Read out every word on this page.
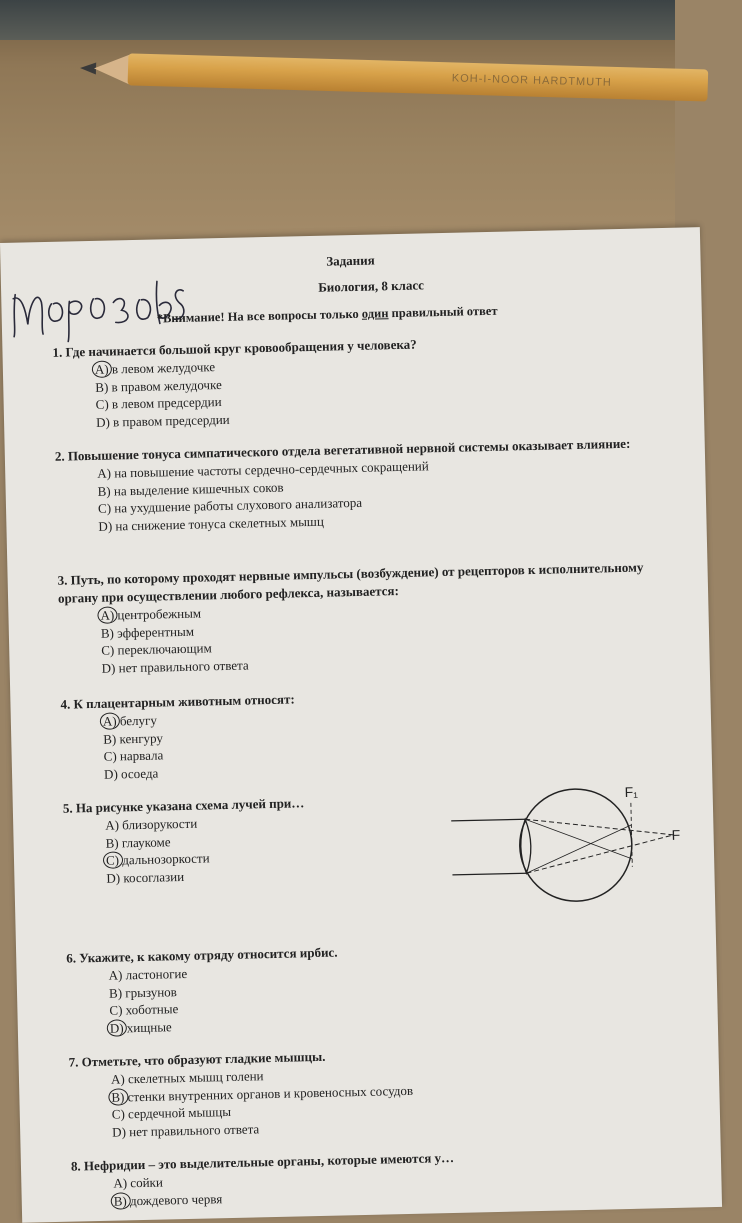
KOH-I-NOOR HARDTMUTH
Задания
Биология, 8 класс
*Внимание! На все вопросы только один правильный ответ
1. Где начинается большой круг кровообращения у человека?
A) в левом желудочке
B) в правом желудочке
C) в левом предсердии
D) в правом предсердии
2. Повышение тонуса симпатического отдела вегетативной нервной системы оказывает влияние:
A) на повышение частоты сердечно-сердечных сокращений
B) на выделение кишечных соков
C) на ухудшение работы слухового анализатора
D) на снижение тонуса скелетных мышц
3. Путь, по которому проходят нервные импульсы (возбуждение) от рецепторов к исполнительному органу при осуществлении любого рефлекса, называется:
A) центробежным
B) эфферентным
C) переключающим
D) нет правильного ответа
4. К плацентарным животным относят:
A) белугу
B) кенгуру
C) нарвала
D) осоеда
5. На рисунке указана схема лучей при…
A) близорукости
B) глаукоме
C) дальнозоркости
D) косоглазии
F₁
F
6. Укажите, к какому отряду относится ирбис.
A) ластоногие
B) грызунов
C) хоботные
D) хищные
7. Отметьте, что образуют гладкие мышцы.
A) скелетных мышц голени
B) стенки внутренних органов и кровеносных сосудов
C) сердечной мышцы
D) нет правильного ответа
8. Нефридии – это выделительные органы, которые имеются у…
A) сойки
B) дождевого червя
